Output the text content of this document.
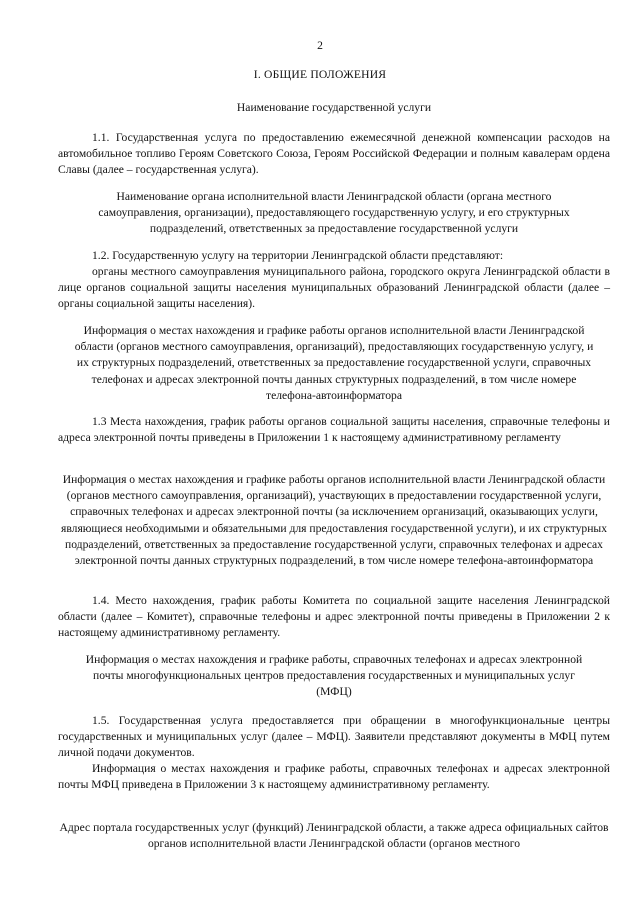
2
I. ОБЩИЕ ПОЛОЖЕНИЯ
Наименование государственной услуги
1.1. Государственная услуга по предоставлению ежемесячной денежной компенсации расходов на автомобильное топливо Героям Советского Союза, Героям Российской Федерации и полным кавалерам ордена Славы (далее – государственная услуга).
Наименование органа исполнительной власти Ленинградской области (органа местного самоуправления, организации), предоставляющего государственную услугу, и его структурных подразделений, ответственных за предоставление государственной услуги
1.2. Государственную услугу на территории Ленинградской области представляют:
органы местного самоуправления муниципального района, городского округа Ленинградской области в лице органов социальной защиты населения муниципальных образований Ленинградской области (далее – органы социальной защиты населения).
Информация о местах нахождения и графике работы органов исполнительной власти Ленинградской области (органов местного самоуправления, организаций), предоставляющих государственную услугу, и их структурных подразделений, ответственных за предоставление государственной услуги, справочных телефонах и адресах электронной почты данных структурных подразделений, в том числе номере телефона-автоинформатора
1.3 Места нахождения, график работы органов социальной защиты населения, справочные телефоны и адреса электронной почты приведены в Приложении 1 к настоящему административному регламенту
Информация о местах нахождения и графике работы органов исполнительной власти Ленинградской области (органов местного самоуправления, организаций), участвующих в предоставлении государственной услуги, справочных телефонах и адресах электронной почты (за исключением организаций, оказывающих услуги, являющиеся необходимыми и обязательными для предоставления государственной услуги), и их структурных подразделений, ответственных за предоставление государственной услуги, справочных телефонах и адресах электронной почты данных структурных подразделений, в том числе номере телефона-автоинформатора
1.4. Место нахождения, график работы Комитета по социальной защите населения Ленинградской области (далее – Комитет), справочные телефоны и адрес электронной почты приведены в Приложении 2 к настоящему административному регламенту.
Информация о местах нахождения и графике работы, справочных телефонах и адресах электронной почты многофункциональных центров предоставления государственных и муниципальных услуг (МФЦ)
1.5. Государственная услуга предоставляется при обращении в многофункциональные центры государственных и муниципальных услуг (далее – МФЦ). Заявители представляют документы в МФЦ путем личной подачи документов.
Информация о местах нахождения и графике работы, справочных телефонах и адресах электронной почты МФЦ приведена в Приложении 3 к настоящему административному регламенту.
Адрес портала государственных услуг (функций) Ленинградской области, а также адреса официальных сайтов органов исполнительной власти Ленинградской области (органов местного
